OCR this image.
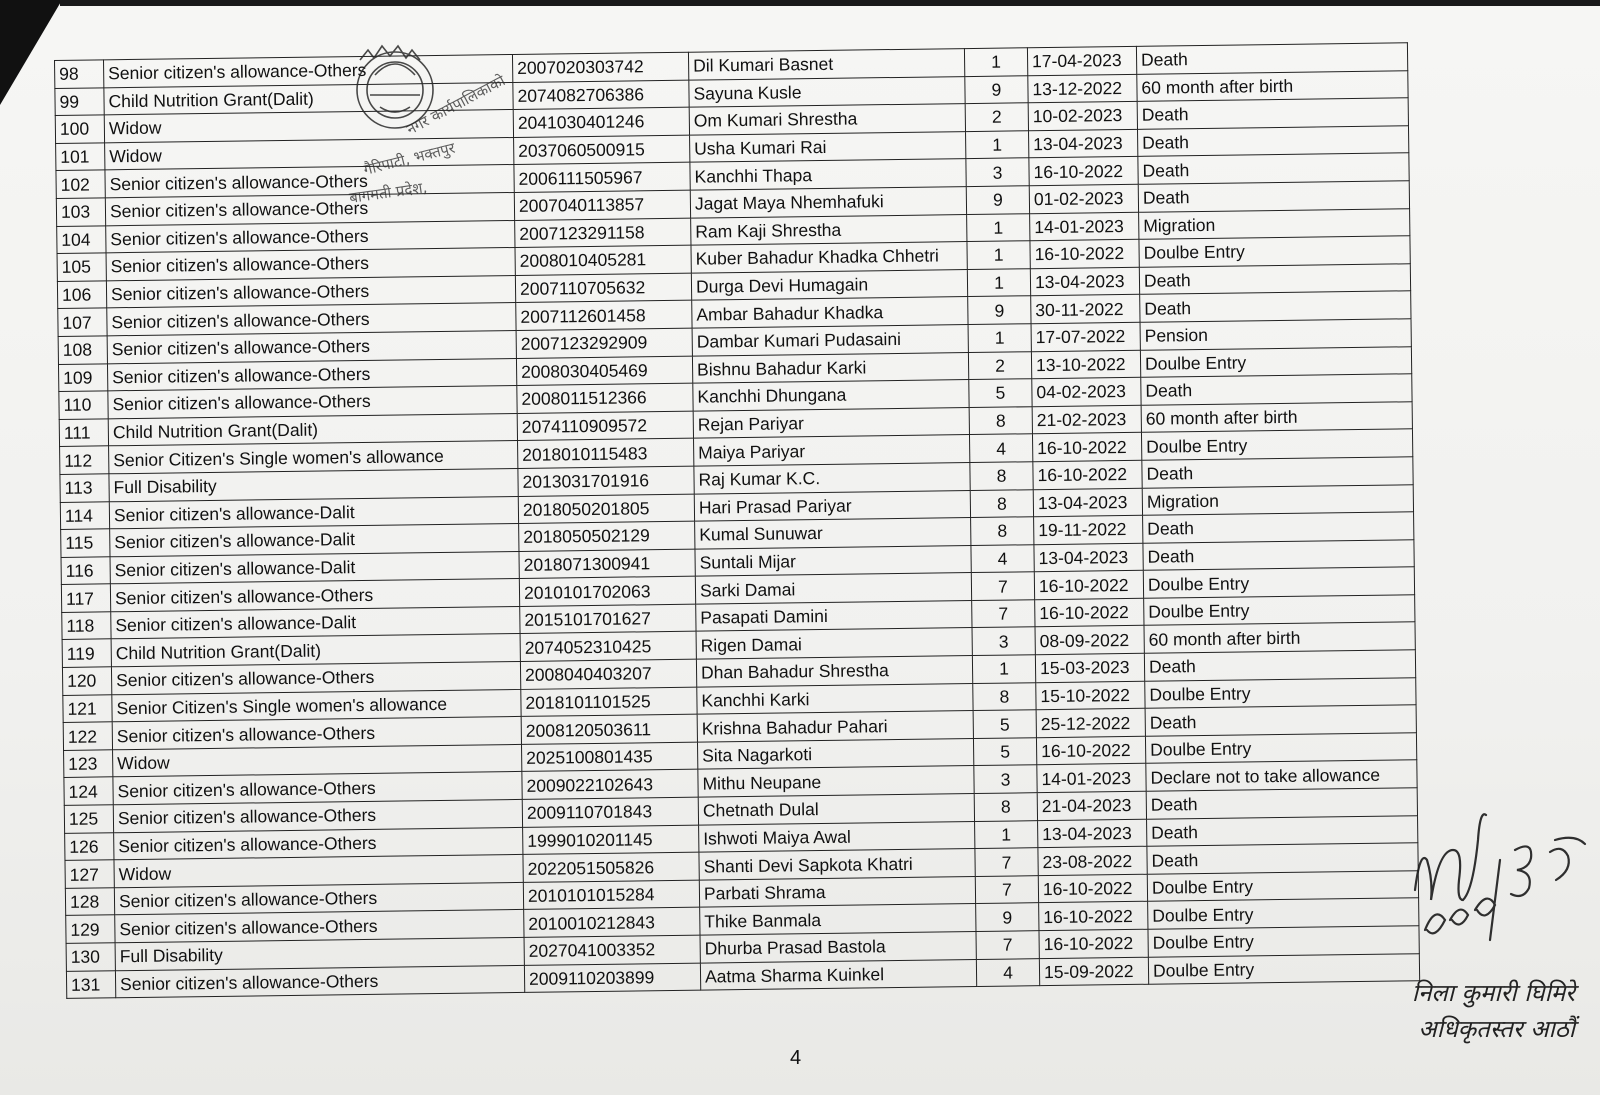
98	Senior citizen's allowance-Others	2007020303742	Dil Kumari Basnet	1	17-04-2023	Death
99	Child Nutrition Grant(Dalit)	2074082706386	Sayuna Kusle	9	13-12-2022	60 month after birth
100	Widow	2041030401246	Om Kumari Shrestha	2	10-02-2023	Death
101	Widow	2037060500915	Usha Kumari Rai	1	13-04-2023	Death
102	Senior citizen's allowance-Others	2006111505967	Kanchhi Thapa	3	16-10-2022	Death
103	Senior citizen's allowance-Others	2007040113857	Jagat Maya Nhemhafuki	9	01-02-2023	Death
104	Senior citizen's allowance-Others	2007123291158	Ram Kaji Shrestha	1	14-01-2023	Migration
105	Senior citizen's allowance-Others	2008010405281	Kuber Bahadur Khadka Chhetri	1	16-10-2022	Doulbe Entry
106	Senior citizen's allowance-Others	2007110705632	Durga Devi Humagain	1	13-04-2023	Death
107	Senior citizen's allowance-Others	2007112601458	Ambar Bahadur Khadka	9	30-11-2022	Death
108	Senior citizen's allowance-Others	2007123292909	Dambar Kumari Pudasaini	1	17-07-2022	Pension
109	Senior citizen's allowance-Others	2008030405469	Bishnu Bahadur Karki	2	13-10-2022	Doulbe Entry
110	Senior citizen's allowance-Others	2008011512366	Kanchhi Dhungana	5	04-02-2023	Death
111	Child Nutrition Grant(Dalit)	2074110909572	Rejan Pariyar	8	21-02-2023	60 month after birth
112	Senior Citizen's Single women's allowance	2018010115483	Maiya Pariyar	4	16-10-2022	Doulbe Entry
113	Full Disability	2013031701916	Raj Kumar K.C.	8	16-10-2022	Death
114	Senior citizen's allowance-Dalit	2018050201805	Hari Prasad Pariyar	8	13-04-2023	Migration
115	Senior citizen's allowance-Dalit	2018050502129	Kumal Sunuwar	8	19-11-2022	Death
116	Senior citizen's allowance-Dalit	2018071300941	Suntali Mijar	4	13-04-2023	Death
117	Senior citizen's allowance-Others	2010101702063	Sarki Damai	7	16-10-2022	Doulbe Entry
118	Senior citizen's allowance-Dalit	2015101701627	Pasapati Damini	7	16-10-2022	Doulbe Entry
119	Child Nutrition Grant(Dalit)	2074052310425	Rigen Damai	3	08-09-2022	60 month after birth
120	Senior citizen's allowance-Others	2008040403207	Dhan Bahadur Shrestha	1	15-03-2023	Death
121	Senior Citizen's Single women's allowance	2018101101525	Kanchhi Karki	8	15-10-2022	Doulbe Entry
122	Senior citizen's allowance-Others	2008120503611	Krishna Bahadur Pahari	5	25-12-2022	Death
123	Widow	2025100801435	Sita Nagarkoti	5	16-10-2022	Doulbe Entry
124	Senior citizen's allowance-Others	2009022102643	Mithu Neupane	3	14-01-2023	Declare not to take allowance
125	Senior citizen's allowance-Others	2009110701843	Chetnath Dulal	8	21-04-2023	Death
126	Senior citizen's allowance-Others	1999010201145	Ishwoti Maiya Awal	1	13-04-2023	Death
127	Widow	2022051505826	Shanti Devi Sapkota Khatri	7	23-08-2022	Death
128	Senior citizen's allowance-Others	2010101015284	Parbati Shrama	7	16-10-2022	Doulbe Entry
129	Senior citizen's allowance-Others	2010010212843	Thike Banmala	9	16-10-2022	Doulbe Entry
130	Full Disability	2027041003352	Dhurba Prasad Bastola	7	16-10-2022	Doulbe Entry
131	Senior citizen's allowance-Others	2009110203899	Aatma Sharma Kuinkel	4	15-09-2022	Doulbe Entry
नगर कार्यपालिकाको
गैरिपाटी, भक्तपुर
बागमती प्रदेश,
निला कुमारी घिमिरे
अधिकृतस्तर आठौं
4
